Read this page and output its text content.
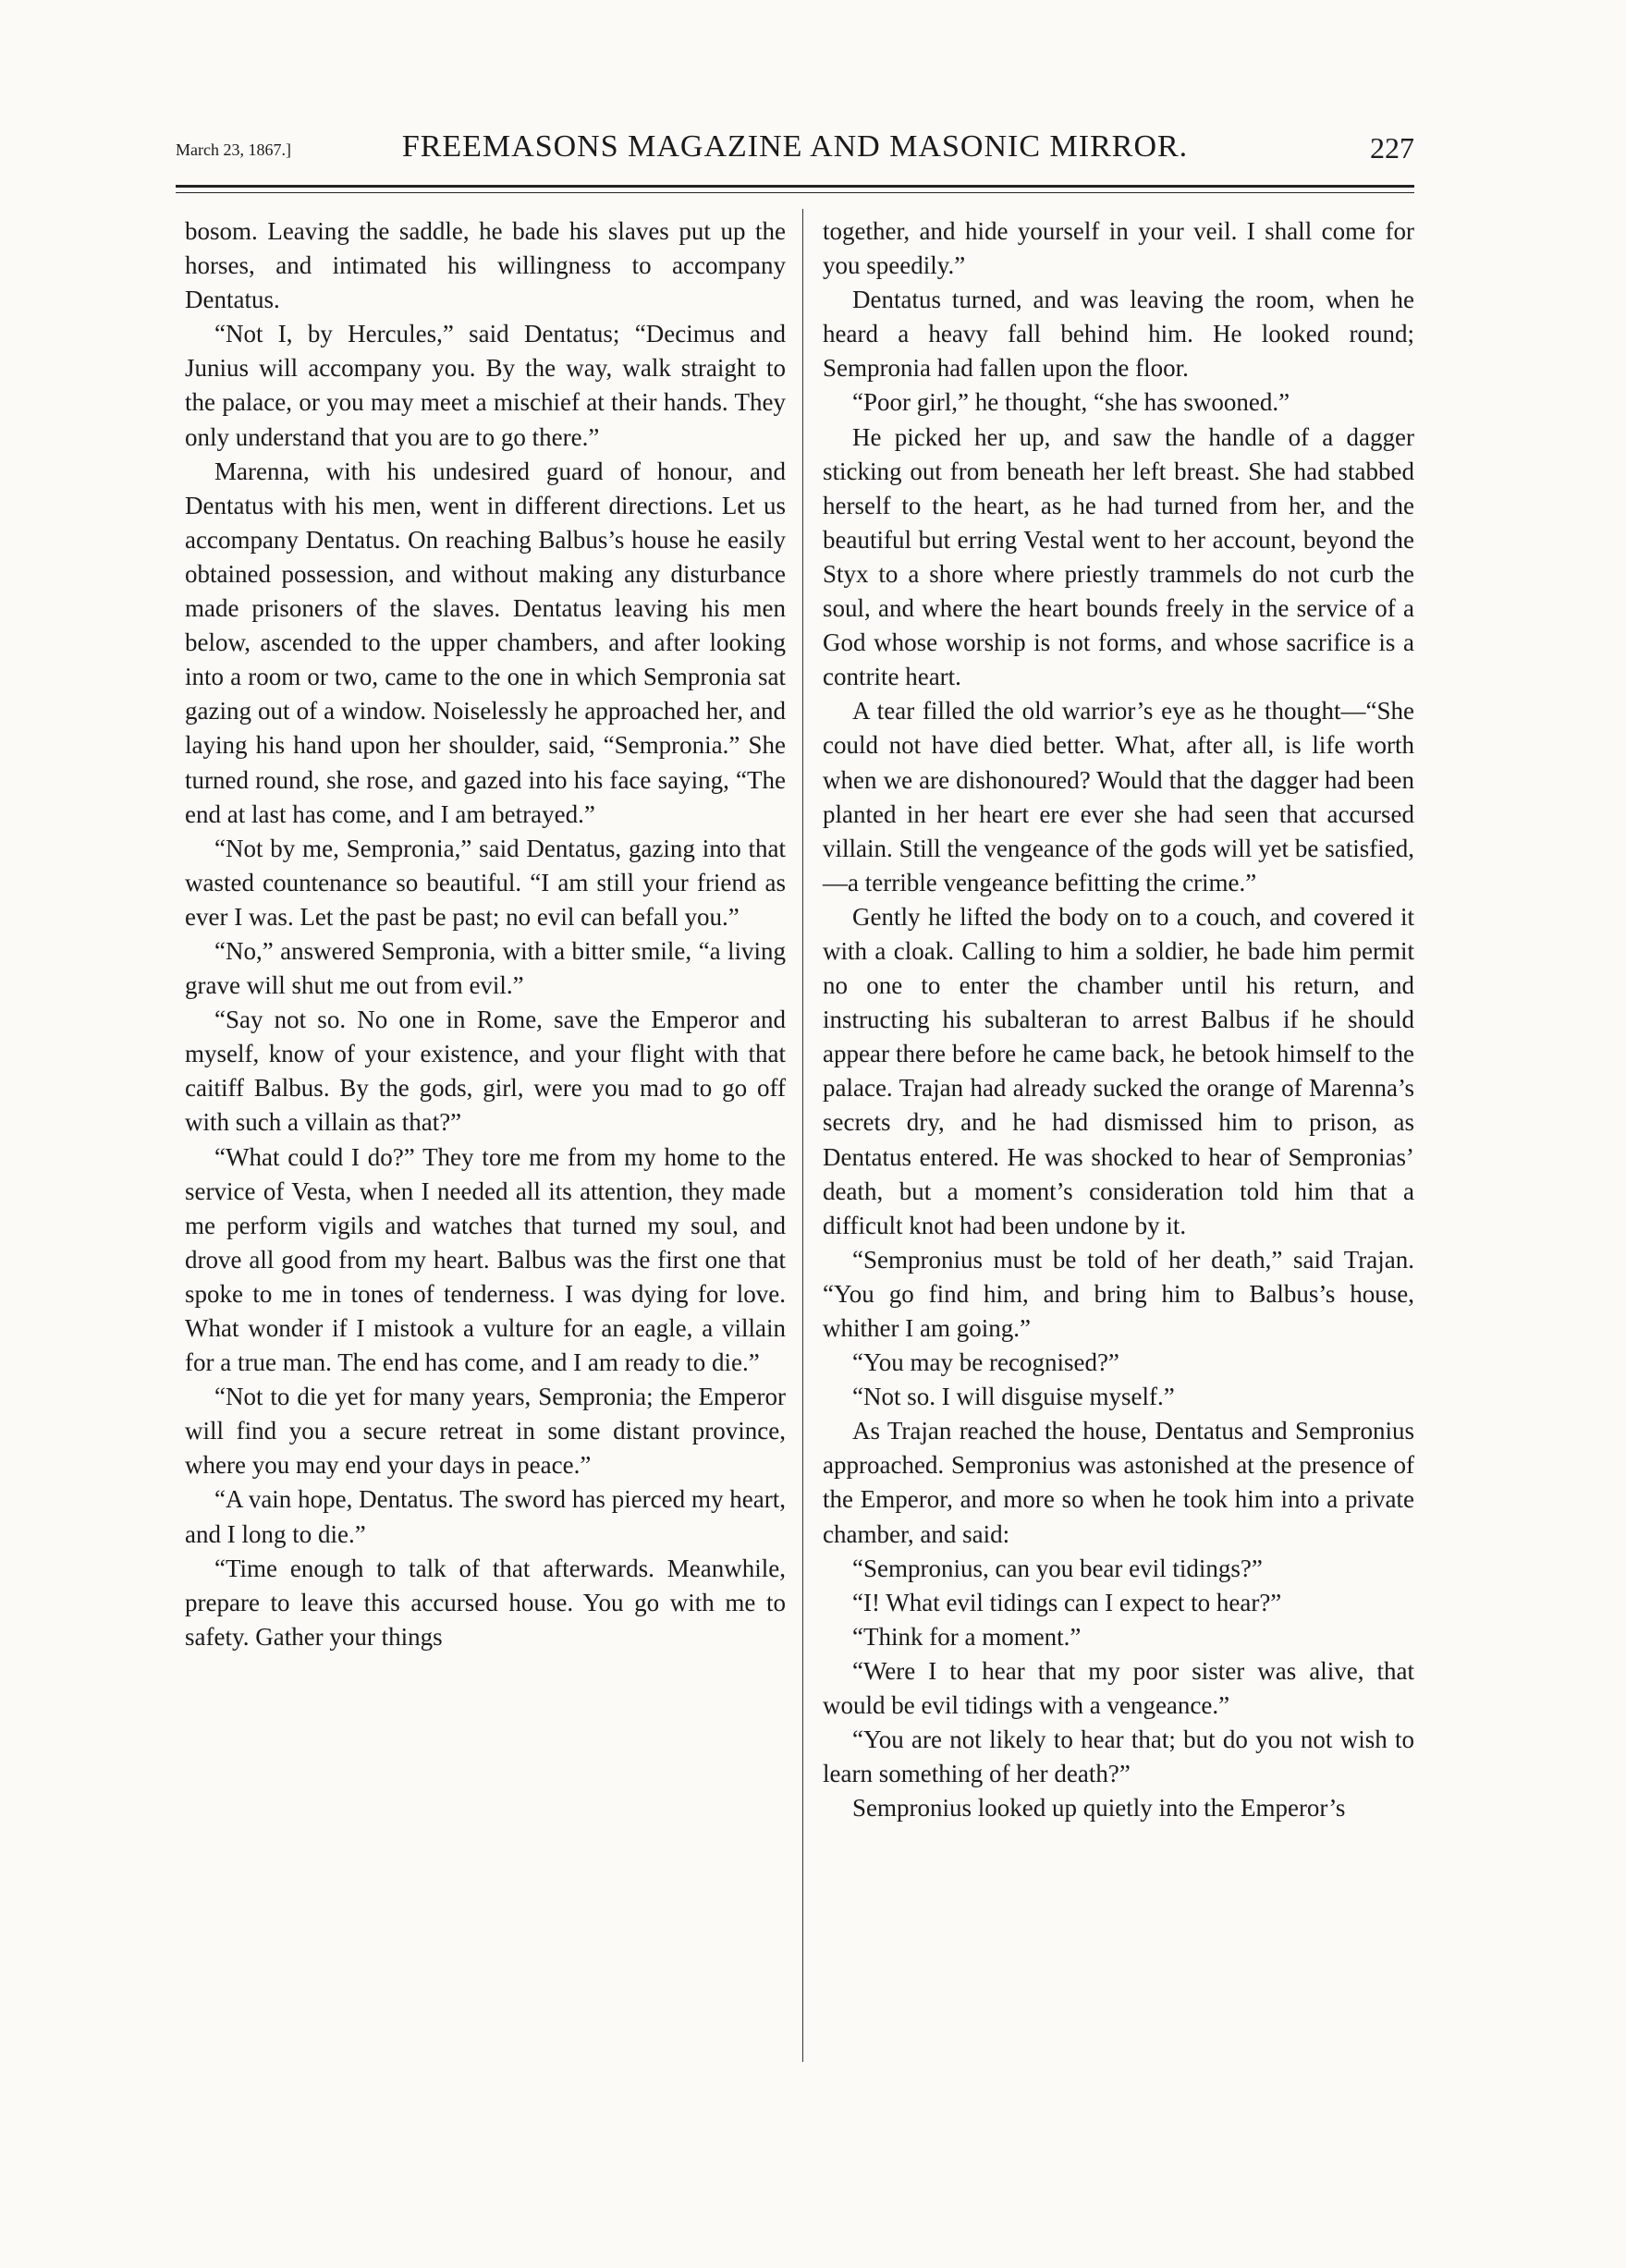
March 23, 1867.]	FREEMASONS MAGAZINE AND MASONIC MIRROR.	227

bosom. Leaving the saddle, he bade his slaves put up the horses, and intimated his willingness to accompany Dentatus.

“Not I, by Hercules,” said Dentatus; “Decimus and Junius will accompany you. By the way, walk straight to the palace, or you may meet a mischief at their hands. They only understand that you are to go there.”

Marenna, with his undesired guard of honour, and Dentatus with his men, went in different directions. Let us accompany Dentatus. On reaching Balbus’s house he easily obtained possession, and without making any disturbance made prisoners of the slaves. Dentatus leaving his men below, ascended to the upper chambers, and after looking into a room or two, came to the one in which Sempronia sat gazing out of a window. Noiselessly he approached her, and laying his hand upon her shoulder, said, “Sempronia.” She turned round, she rose, and gazed into his face saying, “The end at last has come, and I am betrayed.”

“Not by me, Sempronia,” said Dentatus, gazing into that wasted countenance so beautiful. “I am still your friend as ever I was. Let the past be past; no evil can befall you.”

“No,” answered Sempronia, with a bitter smile, “a living grave will shut me out from evil.”

“Say not so. No one in Rome, save the Emperor and myself, know of your existence, and your flight with that caitiff Balbus. By the gods, girl, were you mad to go off with such a villain as that?”

“What could I do?” They tore me from my home to the service of Vesta, when I needed all its attention, they made me perform vigils and watches that turned my soul, and drove all good from my heart. Balbus was the first one that spoke to me in tones of tenderness. I was dying for love. What wonder if I mistook a vulture for an eagle, a villain for a true man. The end has come, and I am ready to die.”

“Not to die yet for many years, Sempronia; the Emperor will find you a secure retreat in some distant province, where you may end your days in peace.”

“A vain hope, Dentatus. The sword has pierced my heart, and I long to die.”

“Time enough to talk of that afterwards. Meanwhile, prepare to leave this accursed house. You go with me to safety. Gather your things

together, and hide yourself in your veil. I shall come for you speedily.”

Dentatus turned, and was leaving the room, when he heard a heavy fall behind him. He looked round; Sempronia had fallen upon the floor.

“Poor girl,” he thought, “she has swooned.”

He picked her up, and saw the handle of a dagger sticking out from beneath her left breast. She had stabbed herself to the heart, as he had turned from her, and the beautiful but erring Vestal went to her account, beyond the Styx to a shore where priestly trammels do not curb the soul, and where the heart bounds freely in the service of a God whose worship is not forms, and whose sacrifice is a contrite heart.

A tear filled the old warrior’s eye as he thought—“She could not have died better. What, after all, is life worth when we are dishonoured? Would that the dagger had been planted in her heart ere ever she had seen that accursed villain. Still the vengeance of the gods will yet be satisfied,—a terrible vengeance befitting the crime.”

Gently he lifted the body on to a couch, and covered it with a cloak. Calling to him a soldier, he bade him permit no one to enter the chamber until his return, and instructing his subalteran to arrest Balbus if he should appear there before he came back, he betook himself to the palace. Trajan had already sucked the orange of Marenna’s secrets dry, and he had dismissed him to prison, as Dentatus entered. He was shocked to hear of Sempronias’ death, but a moment’s consideration told him that a difficult knot had been undone by it.

“Sempronius must be told of her death,” said Trajan. “You go find him, and bring him to Balbus’s house, whither I am going.”

“You may be recognised?”

“Not so. I will disguise myself.”

As Trajan reached the house, Dentatus and Sempronius approached. Sempronius was astonished at the presence of the Emperor, and more so when he took him into a private chamber, and said:

“Sempronius, can you bear evil tidings?”

“I! What evil tidings can I expect to hear?”

“Think for a moment.”

“Were I to hear that my poor sister was alive, that would be evil tidings with a vengeance.”

“You are not likely to hear that; but do you not wish to learn something of her death?”

Sempronius looked up quietly into the Emperor’s
